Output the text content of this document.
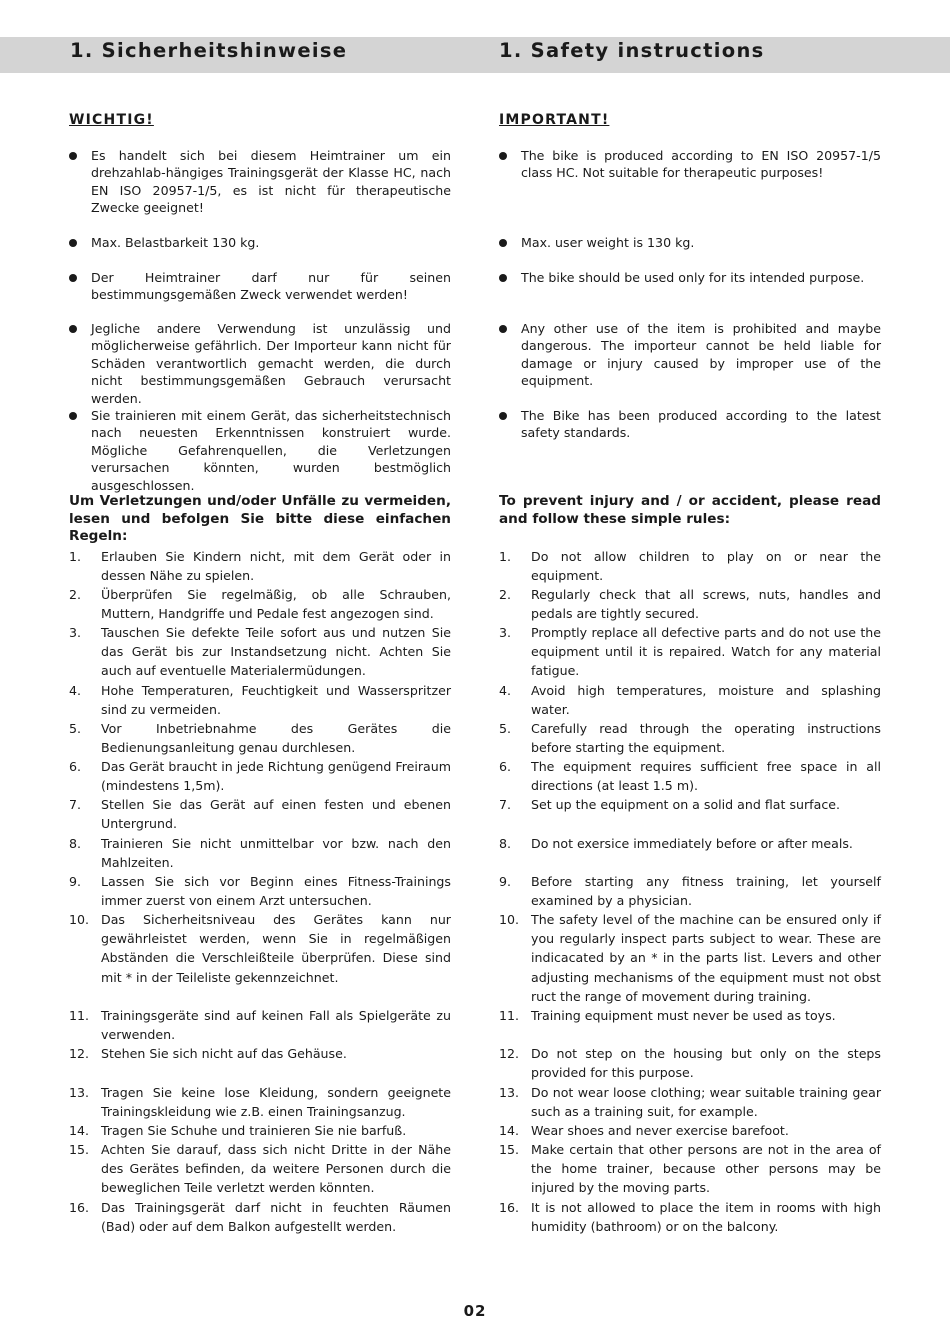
1. Sicherheitshinweise	1. Safety instructions
WICHTIG!
Es handelt sich bei diesem Heimtrainer um ein drehzahlab-hängiges Trainingsgerät der Klasse HC, nach EN ISO 20957-1/5, es ist nicht für therapeutische Zwecke geeignet!
Max. Belastbarkeit 130 kg.
Der Heimtrainer darf nur für seinen bestimmungsgemäßen Zweck verwendet werden!
Jegliche andere Verwendung ist unzulässig und möglicherweise gefährlich. Der Importeur kann nicht für Schäden verantwortlich gemacht werden, die durch nicht bestimmungsgemäßen Gebrauch verursacht werden.
Sie trainieren mit einem Gerät, das sicherheitstechnisch nach neuesten Erkenntnissen konstruiert wurde. Mögliche Gefahrenquellen, die Verletzungen verursachen könnten, wurden bestmöglich ausgeschlossen.
Um Verletzungen und/oder Unfälle zu vermeiden, lesen und befolgen Sie bitte diese einfachen Regeln:
1. Erlauben Sie Kindern nicht, mit dem Gerät oder in dessen Nähe zu spielen.
2. Überprüfen Sie regelmäßig, ob alle Schrauben, Muttern, Handgriffe und Pedale fest angezogen sind.
3. Tauschen Sie defekte Teile sofort aus und nutzen Sie das Gerät bis zur Instandsetzung nicht. Achten Sie auch auf eventuelle Materialermüdungen.
4. Hohe Temperaturen, Feuchtigkeit und Wasserspritzer sind zu vermeiden.
5. Vor Inbetriebnahme des Gerätes die Bedienungsanleitung genau durchlesen.
6. Das Gerät braucht in jede Richtung genügend Freiraum (mindestens 1,5m).
7. Stellen Sie das Gerät auf einen festen und ebenen Untergrund.
8. Trainieren Sie nicht unmittelbar vor bzw. nach den Mahlzeiten.
9. Lassen Sie sich vor Beginn eines Fitness-Trainings immer zuerst von einem Arzt untersuchen.
10. Das Sicherheitsniveau des Gerätes kann nur gewährleistet werden, wenn Sie in regelmäßigen Abständen die Verschleißteile überprüfen. Diese sind mit * in der Teileliste gekennzeichnet.
11. Trainingsgeräte sind auf keinen Fall als Spielgeräte zu verwenden.
12. Stehen Sie sich nicht auf das Gehäuse.
13. Tragen Sie keine lose Kleidung, sondern geeignete Trainingskleidung wie z.B. einen Trainingsanzug.
14. Tragen Sie Schuhe und trainieren Sie nie barfuß.
15. Achten Sie darauf, dass sich nicht Dritte in der Nähe des Gerätes befinden, da weitere Personen durch die beweglichen Teile verletzt werden könnten.
16. Das Trainingsgerät darf nicht in feuchten Räumen (Bad) oder auf dem Balkon aufgestellt werden.
IMPORTANT!
The bike is produced according to EN ISO 20957-1/5 class HC. Not suitable for therapeutic purposes!
Max. user weight is 130 kg.
The bike should be used only for its intended purpose.
Any other use of the item is prohibited and maybe dangerous. The importeur cannot be held liable for damage or injury caused by improper use of the equipment.
The Bike has been produced according to the latest safety standards.
To prevent injury and / or accident, please read and follow these simple rules:
1. Do not allow children to play on or near the equipment.
2. Regularly check that all screws, nuts, handles and pedals are tightly secured.
3. Promptly replace all defective parts and do not use the equipment until it is repaired. Watch for any material fatigue.
4. Avoid high temperatures, moisture and splashing water.
5. Carefully read through the operating instructions before starting the equipment.
6. The equipment requires sufficient free space in all directions (at least 1.5 m).
7. Set up the equipment on a solid and flat surface.
8. Do not exersice immediately before or after meals.
9. Before starting any fitness training, let yourself examined by a physician.
10. The safety level of the machine can be ensured only if you regularly inspect parts subject to wear. These are indicacated by an * in the parts list. Levers and other adjusting mechanisms of the equipment must not obst ruct the range of movement during training.
11. Training equipment must never be used as toys.
12. Do not step on the housing but only on the steps provided for this purpose.
13. Do not wear loose clothing; wear suitable training gear such as a training suit, for example.
14. Wear shoes and never exercise barefoot.
15. Make certain that other persons are not in the area of the home trainer, because other persons may be injured by the moving parts.
16. It is not allowed to place the item in rooms with high humidity (bathroom) or on the balcony.
02
